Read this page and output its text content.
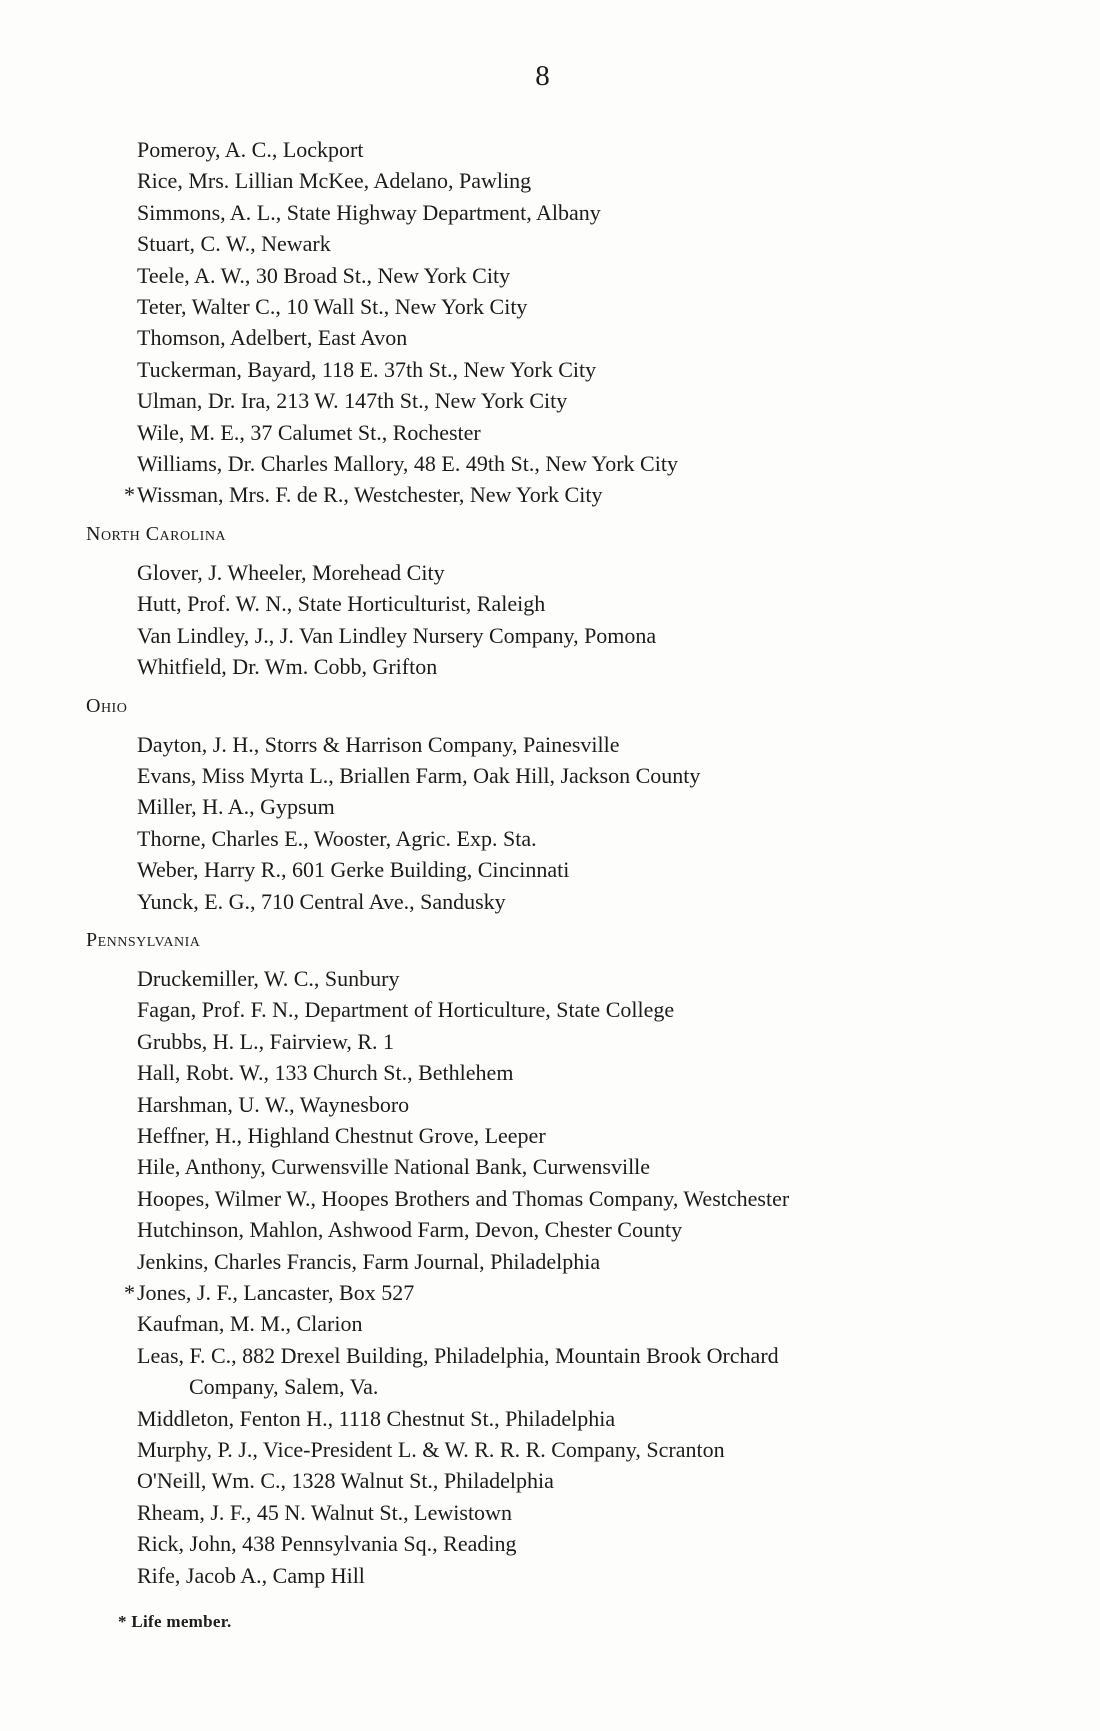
8
Pomeroy, A. C., Lockport
Rice, Mrs. Lillian McKee, Adelano, Pawling
Simmons, A. L., State Highway Department, Albany
Stuart, C. W., Newark
Teele, A. W., 30 Broad St., New York City
Teter, Walter C., 10 Wall St., New York City
Thomson, Adelbert, East Avon
Tuckerman, Bayard, 118 E. 37th St., New York City
Ulman, Dr. Ira, 213 W. 147th St., New York City
Wile, M. E., 37 Calumet St., Rochester
Williams, Dr. Charles Mallory, 48 E. 49th St., New York City
* Wissman, Mrs. F. de R., Westchester, New York City
North Carolina
Glover, J. Wheeler, Morehead City
Hutt, Prof. W. N., State Horticulturist, Raleigh
Van Lindley, J., J. Van Lindley Nursery Company, Pomona
Whitfield, Dr. Wm. Cobb, Grifton
Ohio
Dayton, J. H., Storrs & Harrison Company, Painesville
Evans, Miss Myrta L., Briallen Farm, Oak Hill, Jackson County
Miller, H. A., Gypsum
Thorne, Charles E., Wooster, Agric. Exp. Sta.
Weber, Harry R., 601 Gerke Building, Cincinnati
Yunck, E. G., 710 Central Ave., Sandusky
Pennsylvania
Druckemiller, W. C., Sunbury
Fagan, Prof. F. N., Department of Horticulture, State College
Grubbs, H. L., Fairview, R. 1
Hall, Robt. W., 133 Church St., Bethlehem
Harshman, U. W., Waynesboro
Heffner, H., Highland Chestnut Grove, Leeper
Hile, Anthony, Curwensville National Bank, Curwensville
Hoopes, Wilmer W., Hoopes Brothers and Thomas Company, Westchester
Hutchinson, Mahlon, Ashwood Farm, Devon, Chester County
Jenkins, Charles Francis, Farm Journal, Philadelphia
* Jones, J. F., Lancaster, Box 527
Kaufman, M. M., Clarion
Leas, F. C., 882 Drexel Building, Philadelphia, Mountain Brook Orchard
Company, Salem, Va.
Middleton, Fenton H., 1118 Chestnut St., Philadelphia
Murphy, P. J., Vice-President L. & W. R. R. R. Company, Scranton
O'Neill, Wm. C., 1328 Walnut St., Philadelphia
Rheam, J. F., 45 N. Walnut St., Lewistown
Rick, John, 438 Pennsylvania Sq., Reading
Rife, Jacob A., Camp Hill
* Life member.
